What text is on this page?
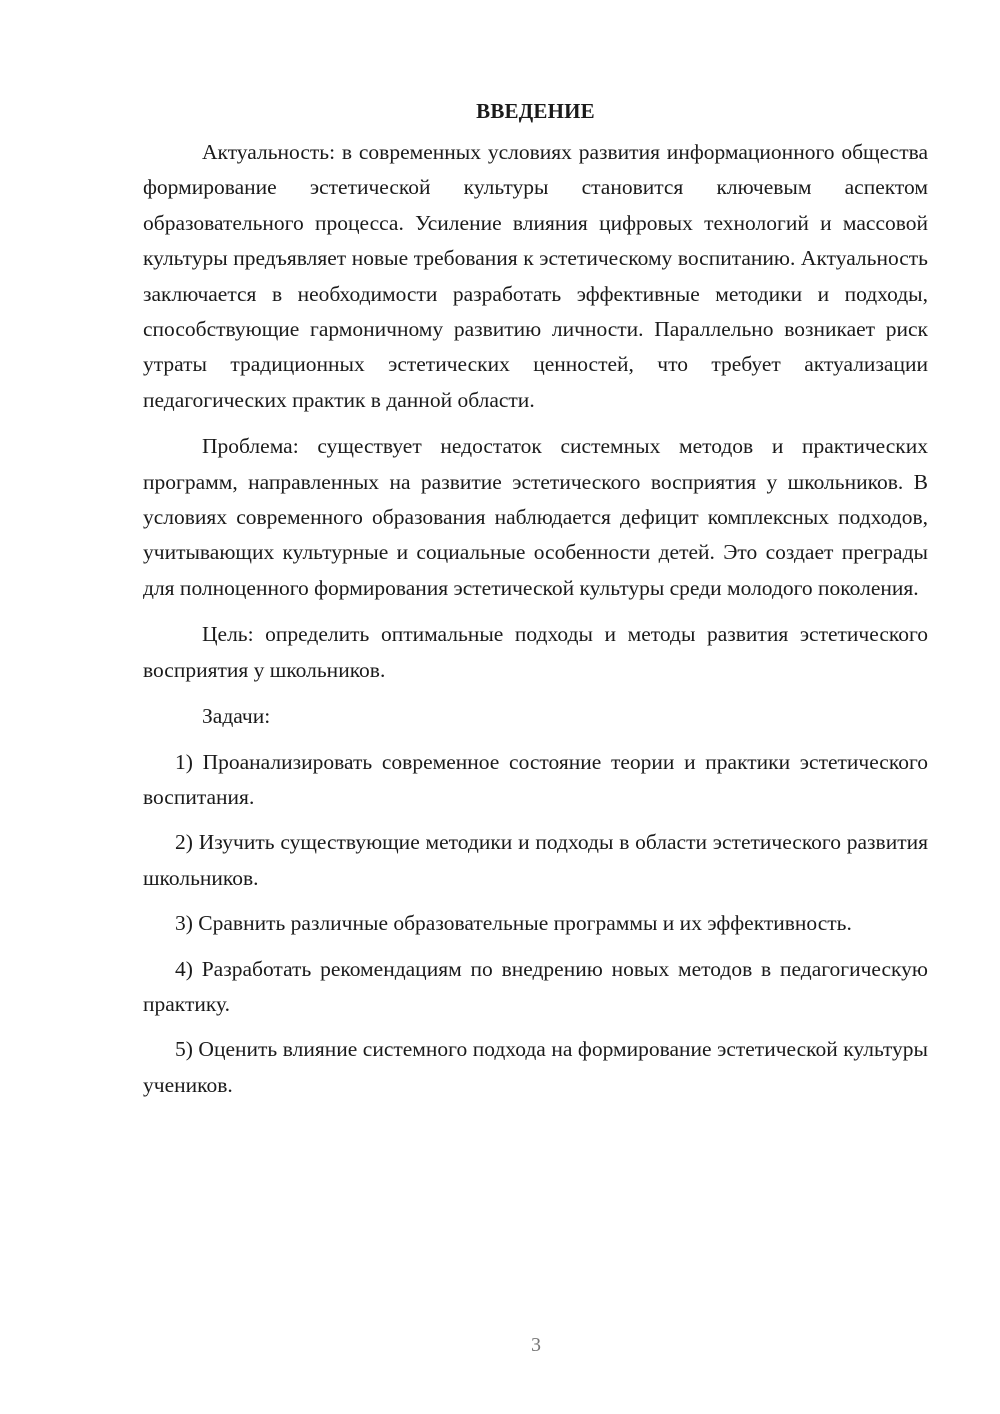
ВВЕДЕНИЕ

Актуальность: в современных условиях развития информационного общества формирование эстетической культуры становится ключевым аспектом образовательного процесса. Усиление влияния цифровых технологий и массовой культуры предъявляет новые требования к эстетическому воспитанию. Актуальность заключается в необходимости разработать эффективные методики и подходы, способствующие гармоничному развитию личности. Параллельно возникает риск утраты традиционных эстетических ценностей, что требует актуализации педагогических практик в данной области.

Проблема: существует недостаток системных методов и практических программ, направленных на развитие эстетического восприятия у школьников. В условиях современного образования наблюдается дефицит комплексных подходов, учитывающих культурные и социальные особенности детей. Это создает преграды для полноценного формирования эстетической культуры среди молодого поколения.

Цель: определить оптимальные подходы и методы развития эстетического восприятия у школьников.

Задачи:

1) Проанализировать современное состояние теории и практики эстетического воспитания.

2) Изучить существующие методики и подходы в области эстетического развития школьников.

3) Сравнить различные образовательные программы и их эффективность.

4) Разработать рекомендациям по внедрению новых методов в педагогическую практику.

5) Оценить влияние системного подхода на формирование эстетической культуры учеников.

3
